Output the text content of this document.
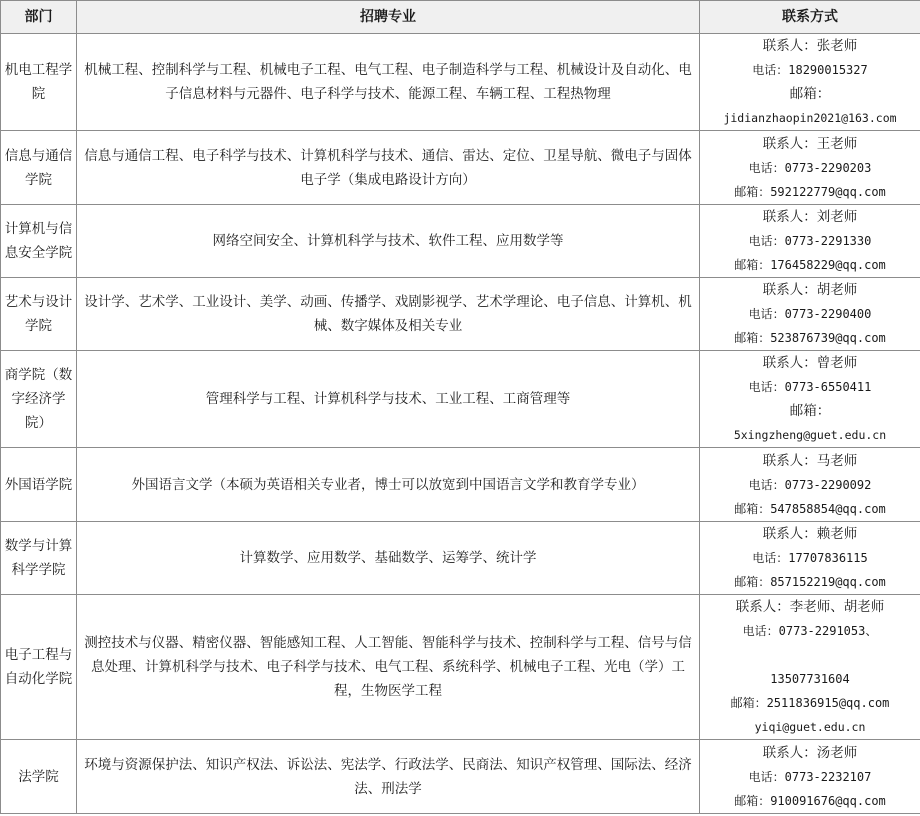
部门	招聘专业	联系方式
机电工程学院	机械工程、控制科学与工程、机械电子工程、电气工程、电子制造科学与工程、机械设计及自动化、电子信息材料与元器件、电子科学与技术、能源工程、车辆工程、工程热物理	联系人：张老师
电话：18290015327
邮箱：
jidianzhaopin2021@163.com

信息与通信学院	信息与通信工程、电子科学与技术、计算机科学与技术、通信、雷达、定位、卫星导航、微电子与固体电子学（集成电路设计方向）	联系人：王老师
电话：0773-2290203
邮箱：592122779@qq.com

计算机与信息安全学院	网络空间安全、计算机科学与技术、软件工程、应用数学等	联系人：刘老师
电话：0773-2291330
邮箱：176458229@qq.com

艺术与设计学院	设计学、艺术学、工业设计、美学、动画、传播学、戏剧影视学、艺术学理论、电子信息、计算机、机械、数字媒体及相关专业	联系人：胡老师
电话：0773-2290400
邮箱：523876739@qq.com

商学院（数字经济学院）	管理科学与工程、计算机科学与技术、工业工程、工商管理等	联系人：曾老师
电话：0773-6550411
邮箱：
5xingzheng@guet.edu.cn

外国语学院	外国语言文学（本硕为英语相关专业者，博士可以放宽到中国语言文学和教育学专业）	联系人：马老师
电话：0773-2290092
邮箱：547858854@qq.com

数学与计算科学学院	计算数学、应用数学、基础数学、运筹学、统计学	联系人：赖老师
电话：17707836115
邮箱：857152219@qq.com

电子工程与自动化学院	测控技术与仪器、精密仪器、智能感知工程、人工智能、智能科学与技术、控制科学与工程、信号与信息处理、计算机科学与技术、电子科学与技术、电气工程、系统科学、机械电子工程、光电（学）工程，生物医学工程	联系人：李老师、胡老师
电话：0773-2291053、

13507731604
邮箱：2511836915@qq.com
yiqi@guet.edu.cn

法学院	环境与资源保护法、知识产权法、诉讼法、宪法学、行政法学、民商法、知识产权管理、国际法、经济法、刑法学	联系人：汤老师
电话：0773-2232107
邮箱：910091676@qq.com
